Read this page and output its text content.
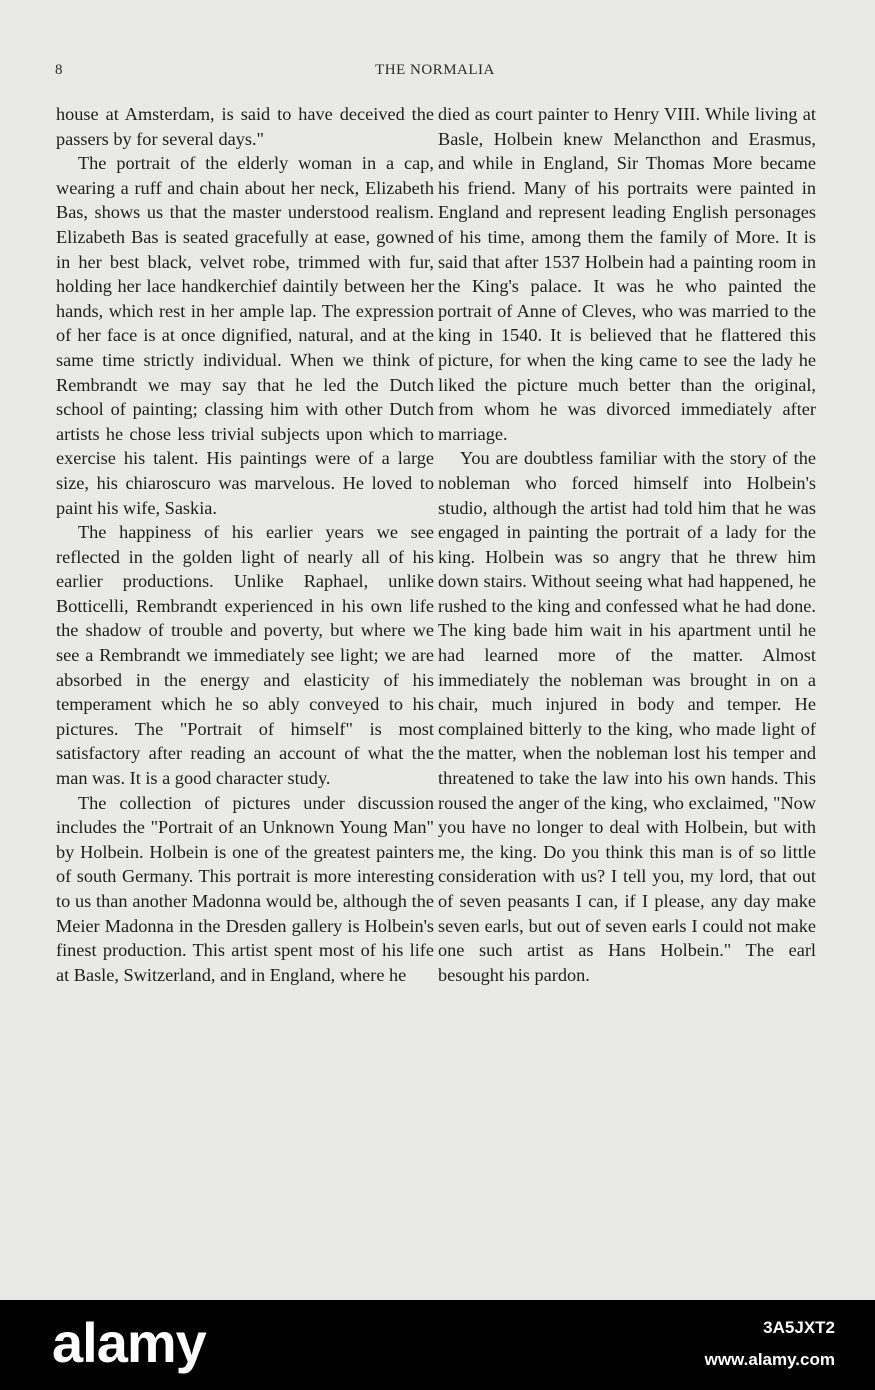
8	THE NORMALIA

house at Amsterdam, is said to have deceived the passers by for several days."

The portrait of the elderly woman in a cap, wearing a ruff and chain about her neck, Elizabeth Bas, shows us that the master understood realism. Elizabeth Bas is seated gracefully at ease, gowned in her best black, velvet robe, trimmed with fur, holding her lace handkerchief daintily between her hands, which rest in her ample lap. The expression of her face is at once dignified, natural, and at the same time strictly individual. When we think of Rembrandt we may say that he led the Dutch school of painting; classing him with other Dutch artists he chose less trivial subjects upon which to exercise his talent. His paintings were of a large size, his chiaroscuro was marvelous. He loved to paint his wife, Saskia.

The happiness of his earlier years we see reflected in the golden light of nearly all of his earlier productions. Unlike Raphael, unlike Botticelli, Rembrandt experienced in his own life the shadow of trouble and poverty, but where we see a Rembrandt we immediately see light; we are absorbed in the energy and elasticity of his temperament which he so ably conveyed to his pictures. The "Portrait of himself" is most satisfactory after reading an account of what the man was. It is a good character study.

The collection of pictures under discussion includes the "Portrait of an Unknown Young Man" by Holbein. Holbein is one of the greatest painters of south Germany. This portrait is more interesting to us than another Madonna would be, although the Meier Madonna in the Dresden gallery is Holbein's finest production. This artist spent most of his life at Basle, Switzerland, and in England, where he

died as court painter to Henry VIII. While living at Basle, Holbein knew Melancthon and Erasmus, and while in England, Sir Thomas More became his friend. Many of his portraits were painted in England and represent leading English personages of his time, among them the family of More. It is said that after 1537 Holbein had a painting room in the King's palace. It was he who painted the portrait of Anne of Cleves, who was married to the king in 1540. It is believed that he flattered this picture, for when the king came to see the lady he liked the picture much better than the original, from whom he was divorced immediately after marriage.

You are doubtless familiar with the story of the nobleman who forced himself into Holbein's studio, although the artist had told him that he was engaged in painting the portrait of a lady for the king. Holbein was so angry that he threw him down stairs. Without seeing what had happened, he rushed to the king and confessed what he had done. The king bade him wait in his apartment until he had learned more of the matter. Almost immediately the nobleman was brought in on a chair, much injured in body and temper. He complained bitterly to the king, who made light of the matter, when the nobleman lost his temper and threatened to take the law into his own hands. This roused the anger of the king, who exclaimed, "Now you have no longer to deal with Holbein, but with me, the king. Do you think this man is of so little consideration with us? I tell you, my lord, that out of seven peasants I can, if I please, any day make seven earls, but out of seven earls I could not make one such artist as Hans Holbein." The earl besought his pardon.

alamy	3A5JXT2
www.alamy.com
